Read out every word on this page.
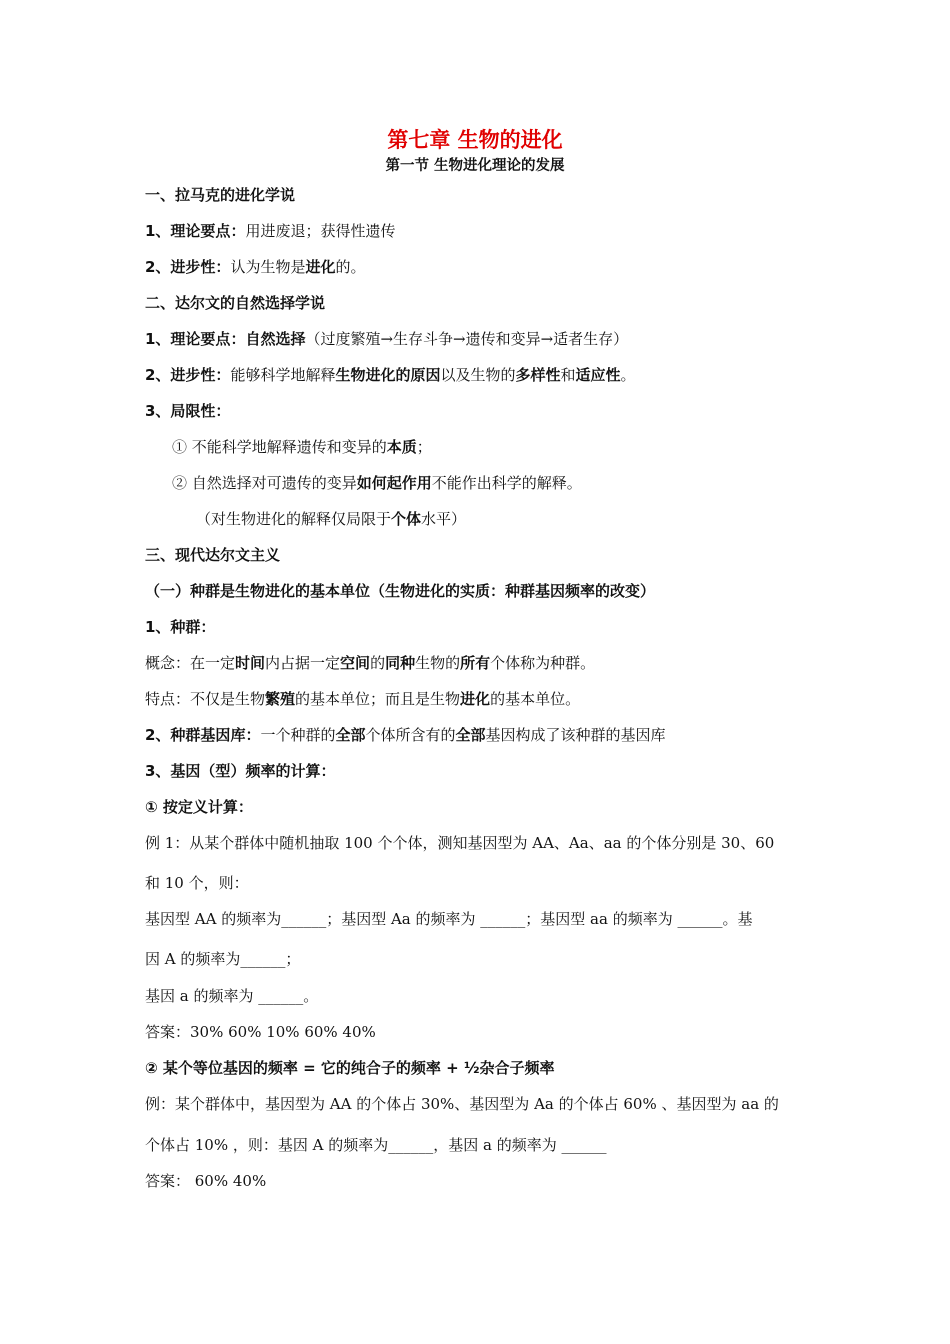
第七章 生物的进化
第一节 生物进化理论的发展
一、拉马克的进化学说
1、理论要点：用进废退；获得性遗传
2、进步性：认为生物是进化的。
二、达尔文的自然选择学说
1、理论要点：自然选择（过度繁殖→生存斗争→遗传和变异→适者生存）
2、进步性：能够科学地解释生物进化的原因以及生物的多样性和适应性。
3、局限性：
① 不能科学地解释遗传和变异的本质；
② 自然选择对可遗传的变异如何起作用不能作出科学的解释。
（对生物进化的解释仅局限于个体水平）
三、现代达尔文主义
（一）种群是生物进化的基本单位（生物进化的实质：种群基因频率的改变）
1、种群：
概念：在一定时间内占据一定空间的同种生物的所有个体称为种群。
特点：不仅是生物繁殖的基本单位；而且是生物进化的基本单位。
2、种群基因库：一个种群的全部个体所含有的全部基因构成了该种群的基因库
3、基因（型）频率的计算：
① 按定义计算：
例 1：从某个群体中随机抽取 100 个个体，测知基因型为 AA、Aa、aa 的个体分别是 30、60
和 10 个，则：
基因型 AA 的频率为______；基因型 Aa 的频率为 ______；基因型 aa 的频率为 ______。基
因 A 的频率为______；
基因 a 的频率为 ______。
答案：30% 60% 10% 60% 40%
② 某个等位基因的频率 = 它的纯合子的频率 + ½杂合子频率
例：某个群体中，基因型为 AA 的个体占 30%、基因型为 Aa 的个体占 60% 、基因型为 aa 的
个体占 10% ，则：基因 A 的频率为______，基因 a 的频率为 ______
答案： 60% 40%
